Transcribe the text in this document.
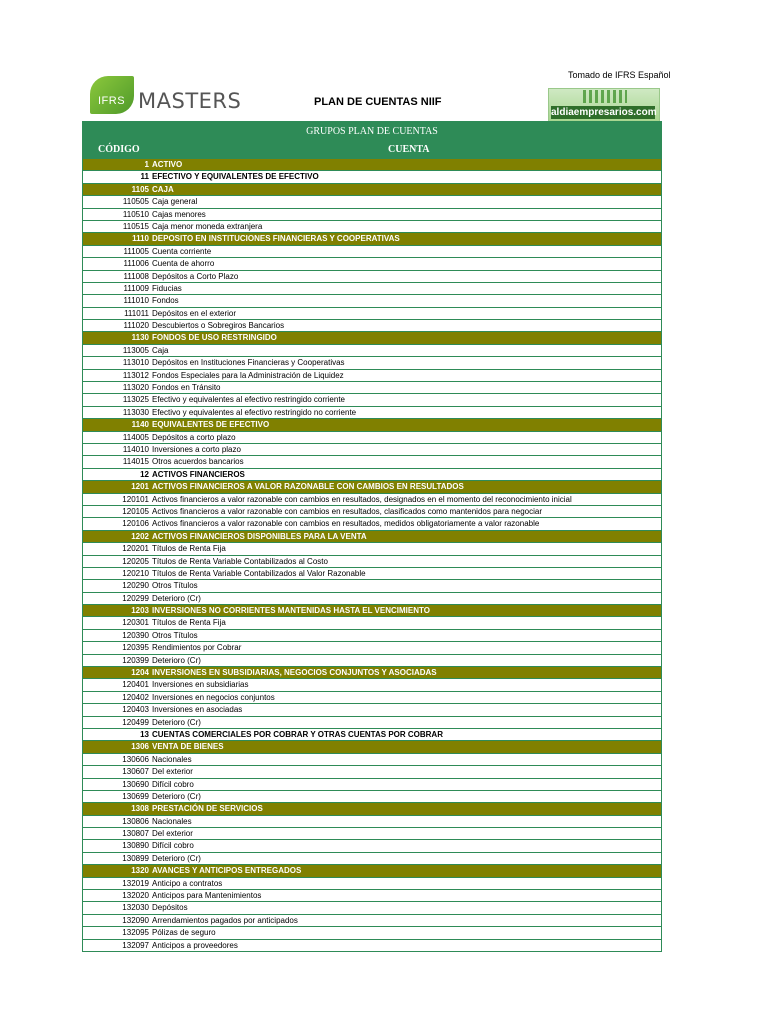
IFRS MASTERS	PLAN DE CUENTAS NIIF
Tomado de IFRS Español
aldiaempresarios.com
GRUPOS PLAN DE CUENTAS
CÓDIGO	CUENTA
1 ACTIVO
11 EFECTIVO Y EQUIVALENTES DE EFECTIVO
1105 CAJA
110505 Caja general
110510 Cajas menores
110515 Caja menor moneda extranjera
1110 DEPOSITO EN INSTITUCIONES FINANCIERAS Y COOPERATIVAS
111005 Cuenta corriente
111006 Cuenta de ahorro
111008 Depósitos a Corto Plazo
111009 Fiducias
111010 Fondos
111011 Depósitos en el exterior
111020 Descubiertos o Sobregiros Bancarios
1130 FONDOS DE USO RESTRINGIDO
113005 Caja
113010 Depósitos en Instituciones Financieras y Cooperativas
113012 Fondos Especiales para la Administración de Liquidez
113020 Fondos en Tránsito
113025 Efectivo y equivalentes al efectivo restringido corriente
113030 Efectivo y equivalentes al efectivo restringido no corriente
1140 EQUIVALENTES DE EFECTIVO
114005 Depósitos a corto plazo
114010 Inversiones a corto plazo
114015 Otros acuerdos bancarios
12 ACTIVOS FINANCIEROS
1201 ACTIVOS FINANCIEROS A VALOR RAZONABLE CON CAMBIOS EN RESULTADOS
120101 Activos financieros a valor razonable con cambios en resultados, designados en el momento del reconocimiento inicial
120105 Activos financieros a valor razonable con cambios en resultados, clasificados como mantenidos para negociar
120106 Activos financieros a valor razonable con cambios en resultados, medidos obligatoriamente a valor razonable
1202 ACTIVOS FINANCIEROS DISPONIBLES PARA LA VENTA
120201 Títulos de Renta Fija
120205 Títulos de Renta Variable Contabilizados al Costo
120210 Títulos de Renta Variable Contabilizados al Valor Razonable
120290 Otros Títulos
120299 Deterioro (Cr)
1203 INVERSIONES NO CORRIENTES MANTENIDAS HASTA EL VENCIMIENTO
120301 Títulos de Renta Fija
120390 Otros Títulos
120395 Rendimientos por Cobrar
120399 Deterioro (Cr)
1204 INVERSIONES EN SUBSIDIARIAS, NEGOCIOS CONJUNTOS Y ASOCIADAS
120401 Inversiones en subsidiarias
120402 Inversiones en negocios conjuntos
120403 Inversiones en asociadas
120499 Deterioro (Cr)
13 CUENTAS COMERCIALES POR COBRAR Y OTRAS CUENTAS POR COBRAR
1306 VENTA DE BIENES
130606 Nacionales
130607 Del exterior
130690 Difícil cobro
130699 Deterioro (Cr)
1308 PRESTACIÓN DE SERVICIOS
130806 Nacionales
130807 Del exterior
130890 Difícil cobro
130899 Deterioro (Cr)
1320 AVANCES Y ANTICIPOS ENTREGADOS
132019 Anticipo a contratos
132020 Anticipos para Mantenimientos
132030 Depósitos
132090 Arrendamientos pagados por anticipados
132095 Pólizas de seguro
132097 Anticipos a proveedores
